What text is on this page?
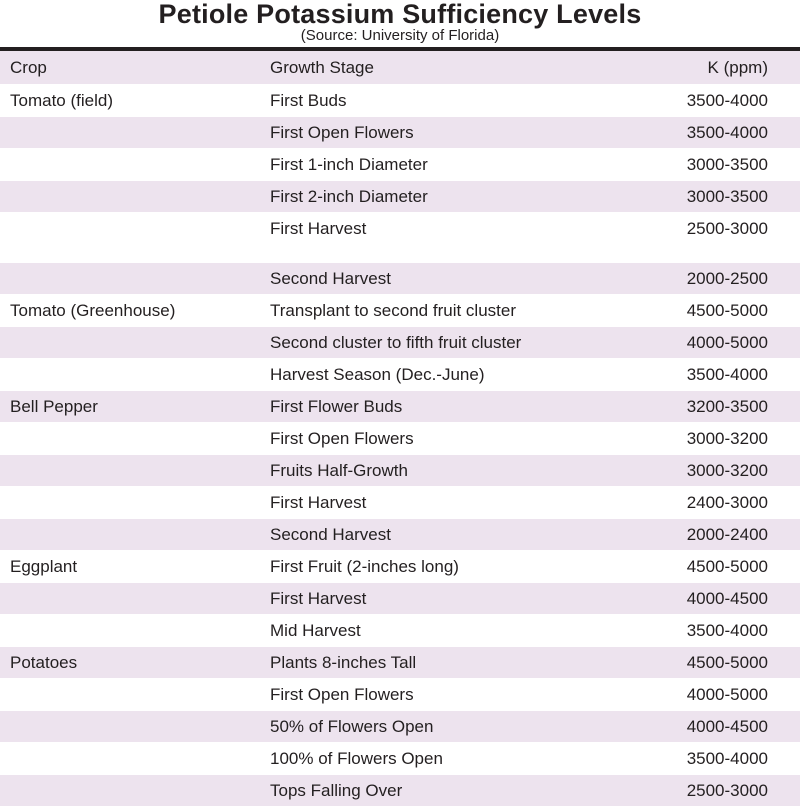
Petiole Potassium Sufficiency Levels
(Source: University of Florida)
Crop	Growth Stage	K (ppm)
Tomato (field)	First Buds	3500-4000
	First Open Flowers	3500-4000
	First 1-inch Diameter	3000-3500
	First 2-inch Diameter	3000-3500
	First Harvest	2500-3000
	Second Harvest	2000-2500
Tomato (Greenhouse)	Transplant to second fruit cluster	4500-5000
	Second cluster to fifth fruit cluster	4000-5000
	Harvest Season (Dec.-June)	3500-4000
Bell Pepper	First Flower Buds	3200-3500
	First Open Flowers	3000-3200
	Fruits Half-Growth	3000-3200
	First Harvest	2400-3000
	Second Harvest	2000-2400
Eggplant	First Fruit (2-inches long)	4500-5000
	First Harvest	4000-4500
	Mid Harvest	3500-4000
Potatoes	Plants 8-inches Tall	4500-5000
	First Open Flowers	4000-5000
	50% of Flowers Open	4000-4500
	100% of Flowers Open	3500-4000
	Tops Falling Over	2500-3000
